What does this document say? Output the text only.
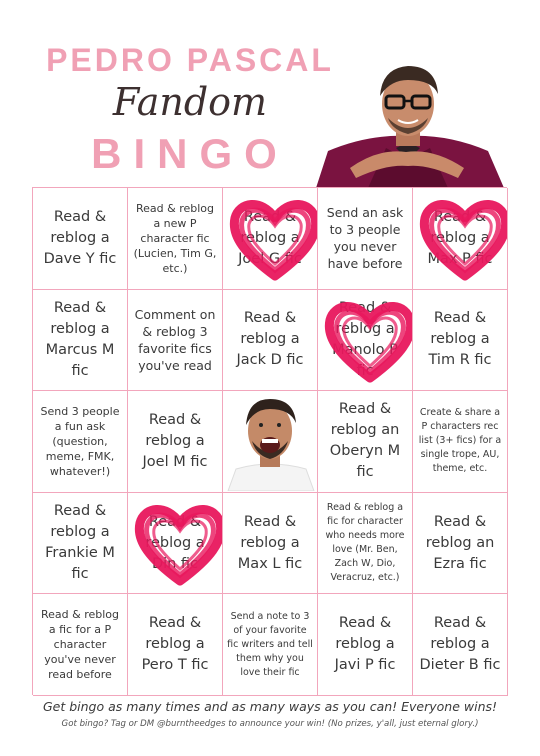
PEDRO PASCAL
Fandom
BINGO
Read & reblog a Dave Y fic
Read & reblog a new P character fic (Lucien, Tim G, etc.)
Read & reblog a Joel G fic
Send an ask to 3 people you never have before
Read & reblog a Max P fic
Read & reblog a Marcus M fic
Comment on & reblog 3 favorite fics you've read
Read & reblog a Jack D fic
Read & reblog a Manolo P fic
Read & reblog a Tim R fic
Send 3 people a fun ask (question, meme, FMK, whatever!)
Read & reblog a Joel M fic
Read & reblog an Oberyn M fic
Create & share a P characters rec list (3+ fics) for a single trope, AU, theme, etc.
Read & reblog a Frankie M fic
Read & reblog a Din fic
Read & reblog a Max L fic
Read & reblog a fic for character who needs more love (Mr. Ben, Zach W, Dio, Veracruz, etc.)
Read & reblog an Ezra fic
Read & reblog a fic for a P character you've never read before
Read & reblog a Pero T fic
Send a note to 3 of your favorite fic writers and tell them why you love their fic
Read & reblog a Javi P fic
Read & reblog a Dieter B fic

Get bingo as many times and as many ways as you can! Everyone wins!

Got bingo? Tag or DM @burntheedges to announce your win! (No prizes, y'all, just eternal glory.)
